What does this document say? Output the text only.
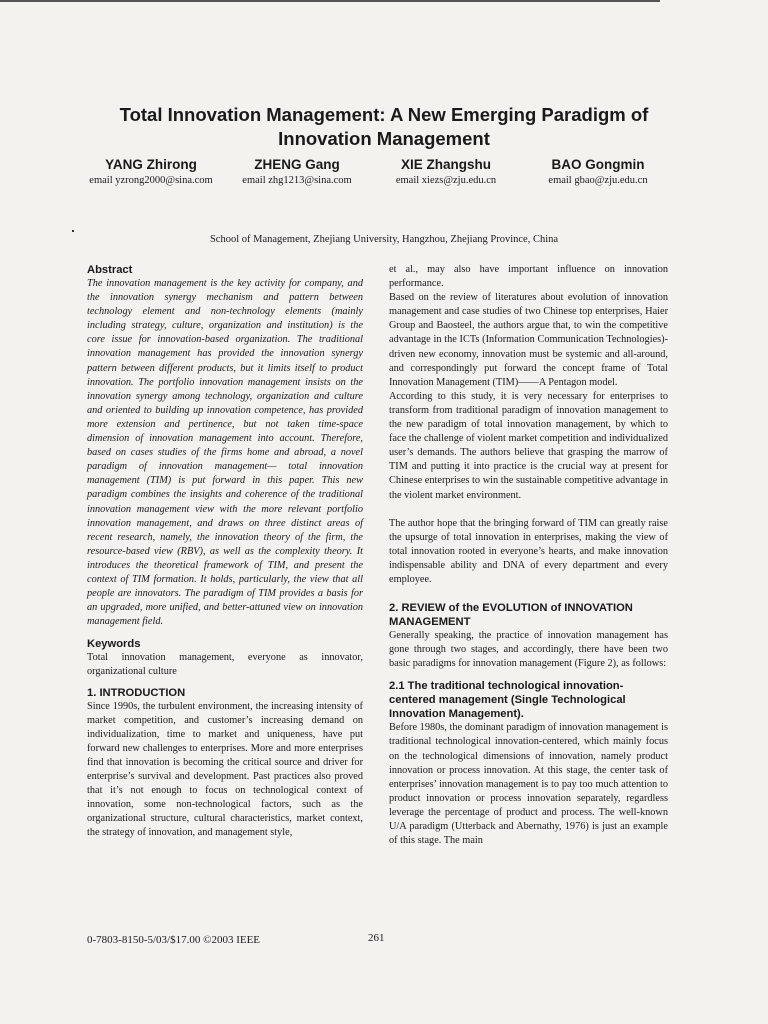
Total Innovation Management: A New Emerging Paradigm of
Innovation Management
YANG Zhirong
email yzrong2000@sina.com
ZHENG Gang
email zhg1213@sina.com
XIE Zhangshu
email xiezs@zju.edu.cn
BAO Gongmin
email gbao@zju.edu.cn
School of Management, Zhejiang University, Hangzhou, Zhejiang Province, China
Abstract

The innovation management is the key activity for company, and the innovation synergy mechanism and pattern between technology element and non-technology elements (mainly including strategy, culture, organization and institution) is the core issue for innovation-based organization. The traditional innovation management has provided the innovation synergy pattern between different products, but it limits itself to product innovation. The portfolio innovation management insists on the innovation synergy among technology, organization and culture and oriented to building up innovation competence, has provided more extension and pertinence, but not taken time-space dimension of innovation management into account. Therefore, based on cases studies of the firms home and abroad, a novel paradigm of innovation management— total innovation management (TIM) is put forward in this paper. This new paradigm combines the insights and coherence of the traditional innovation management view with the more relevant portfolio innovation management, and draws on three distinct areas of recent research, namely, the innovation theory of the firm, the resource-based view (RBV), as well as the complexity theory. It introduces the theoretical framework of TIM, and present the context of TIM formation. It holds, particularly, the view that all people are innovators. The paradigm of TIM provides a basis for an upgraded, more unified, and better-attuned view on innovation management field.

Keywords

Total innovation management, everyone as innovator, organizational culture

1. INTRODUCTION

Since 1990s, the turbulent environment, the increasing intensity of market competition, and customer’s increasing demand on individualization, time to market and uniqueness, have put forward new challenges to enterprises. More and more enterprises find that innovation is becoming the critical source and driver for enterprise’s survival and development. Past practices also proved that it’s not enough to focus on technological context of innovation, some non-technological factors, such as the organizational structure, cultural characteristics, market context, the strategy of innovation, and management style,

et al., may also have important influence on innovation performance.

Based on the review of literatures about evolution of innovation management and case studies of two Chinese top enterprises, Haier Group and Baosteel, the authors argue that, to win the competitive advantage in the ICTs (Information Communication Technologies)-driven new economy, innovation must be systemic and all-around, and correspondingly put forward the concept frame of Total Innovation Management (TIM)——A Pentagon model.

According to this study, it is very necessary for enterprises to transform from traditional paradigm of innovation management to the new paradigm of total innovation management, by which to face the challenge of violent market competition and individualized user’s demands. The authors believe that grasping the marrow of TIM and putting it into practice is the crucial way at present for Chinese enterprises to win the sustainable competitive advantage in the violent market environment.

The author hope that the bringing forward of TIM can greatly raise the upsurge of total innovation in enterprises, making the view of total innovation rooted in everyone’s hearts, and make innovation indispensable ability and DNA of every department and every employee.

2. REVIEW of the EVOLUTION of INNOVATION MANAGEMENT

Generally speaking, the practice of innovation management has gone through two stages, and accordingly, there have been two basic paradigms for innovation management (Figure 2), as follows:

2.1 The traditional technological innovation-centered management (Single Technological Innovation Management).

Before 1980s, the dominant paradigm of innovation management is traditional technological innovation-centered, which mainly focus on the technological dimensions of innovation, namely product innovation or process innovation. At this stage, the center task of enterprises’ innovation management is to pay too much attention to product innovation or process innovation separately, regardless leverage the percentage of product and process. The well-known U/A paradigm (Utterback and Abernathy, 1976) is just an example of this stage. The main

0-7803-8150-5/03/$17.00 ©2003 IEEE	261
